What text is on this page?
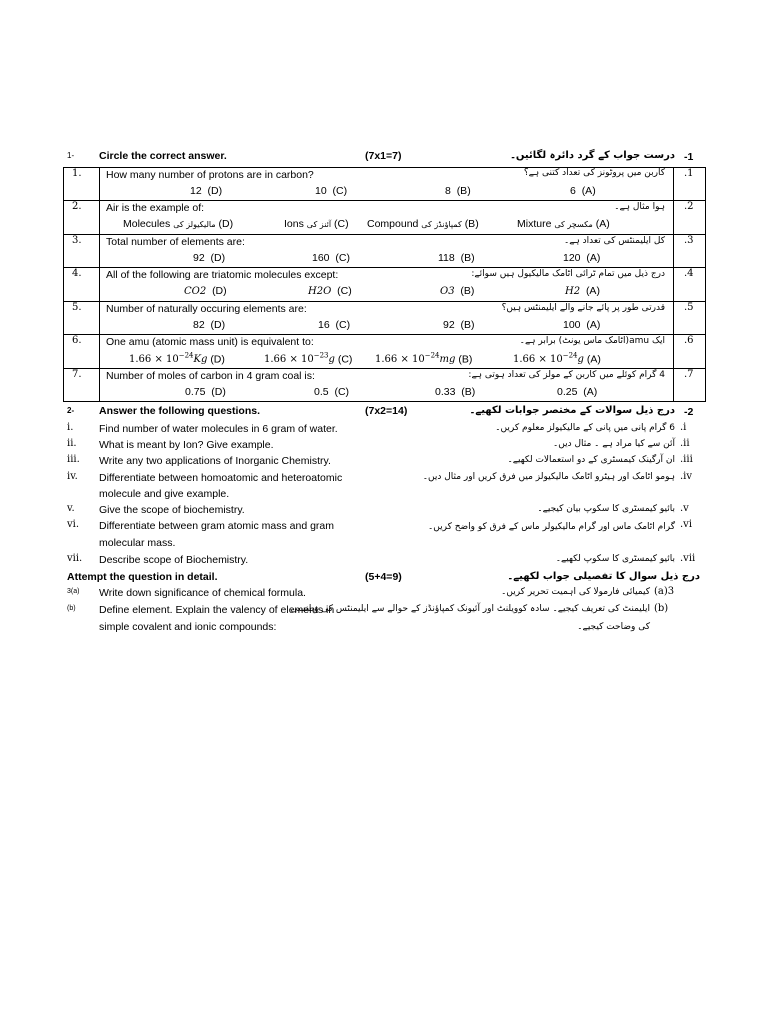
1- Circle the correct answer.	(7x1=7)	درست جواب کے گرد دائرہ لگائیں۔ -1
1. How many number of protons are in carbon?	کاربن میں پروٹونز کی تعداد کتنی ہے؟ .1
12 (D)	10 (C)	8 (B)	6 (A)
2. Air is the example of:	ہوا مثال ہے۔ .2
Molecules مالیکیولز کی (D)	Ions آئنز کی (C) Compound کمپاؤنڈز کی (B)	Mixture مکسچر کی (A)
3. Total number of elements are:	کل ایلیمنٹس کی تعداد ہے۔ .3
92 (D)	160 (C)	118 (B)	120 (A)
4. All of the following are triatomic molecules except:	درج ذیل میں تمام ٹرائی اٹامک مالیکیول ہیں سوائے: .4
CO2 (D)	H2O (C)	O3 (B)	H2 (A)
5. Number of naturally occuring elements are:	قدرتی طور پر پائے جانے والے ایلیمنٹس ہیں؟ .5
82 (D)	16 (C)	92 (B)	100 (A)
6. One amu (atomic mass unit) is equivalent to:	ایک amu(اٹامک ماس یونٹ) برابر ہے۔ .6
$1.66 \times 10^{-24}Kg$ (D)	$1.66 \times 10^{-23}g$ (C) $1.66 \times 10^{-24}mg$ (B)	$1.66 \times 10^{-24}g$ (A)
7. Number of moles of carbon in 4 gram coal is:	4 گرام کوئلے میں کاربن کے مولز کی تعداد ہوتی ہے: .7
0.75 (D)	0.5 (C)	0.33 (B)	0.25 (A)
2- Answer the following questions.	(7x2=14)	درج ذیل سوالات کے مختصر جوابات لکھیے۔ -2
i. Find number of water molecules in 6 gram of water.	6 گرام پانی میں پانی کے مالیکیولز معلوم کریں۔ .i
ii. What is meant by Ion? Give example.	آئن سے کیا مراد ہے ۔ مثال دیں۔ .ii
iii. Write any two applications of Inorganic Chemistry.	ان آرگینک کیمسٹری کے دو استعمالات لکھیے۔ .iii
iv. Differentiate between homoatomic and heteroatomic
molecule and give example.
ہومو اٹامک اور ہیٹرو اٹامک مالیکیولز میں فرق کریں اور مثال دیں۔ .iv
v. Give the scope of biochemistry.	بائیو کیمسٹری کا سکوپ بیان کیجیے۔ .v
vi. Differentiate between gram atomic mass and gram
molecular mass.
گرام اٹامک ماس اور گرام مالیکیولر ماس کے فرق کو واضح کریں۔ .vi
vii. Describe scope of Biochemistry.	بائیو کیمسٹری کا سکوپ لکھیے۔ .vii
Attempt the question in detail.	(5+4=9)	درج ذیل سوال کا تفصیلی جواب لکھیے۔
3(a) Write down significance of chemical formula.	کیمیائی فارمولا کی اہمیت تحریر کریں۔ (a)3
(b) Define element. Explain the valency of elements in
simple covalent and ionic compounds:
ایلیمنٹ کی تعریف کیجیے۔ سادہ کوویلنٹ اور آئیونک کمپاؤنڈز کے حوالے سے ایلیمنٹس کی ویلنسی
کی وضاحت کیجیے۔
(b)
